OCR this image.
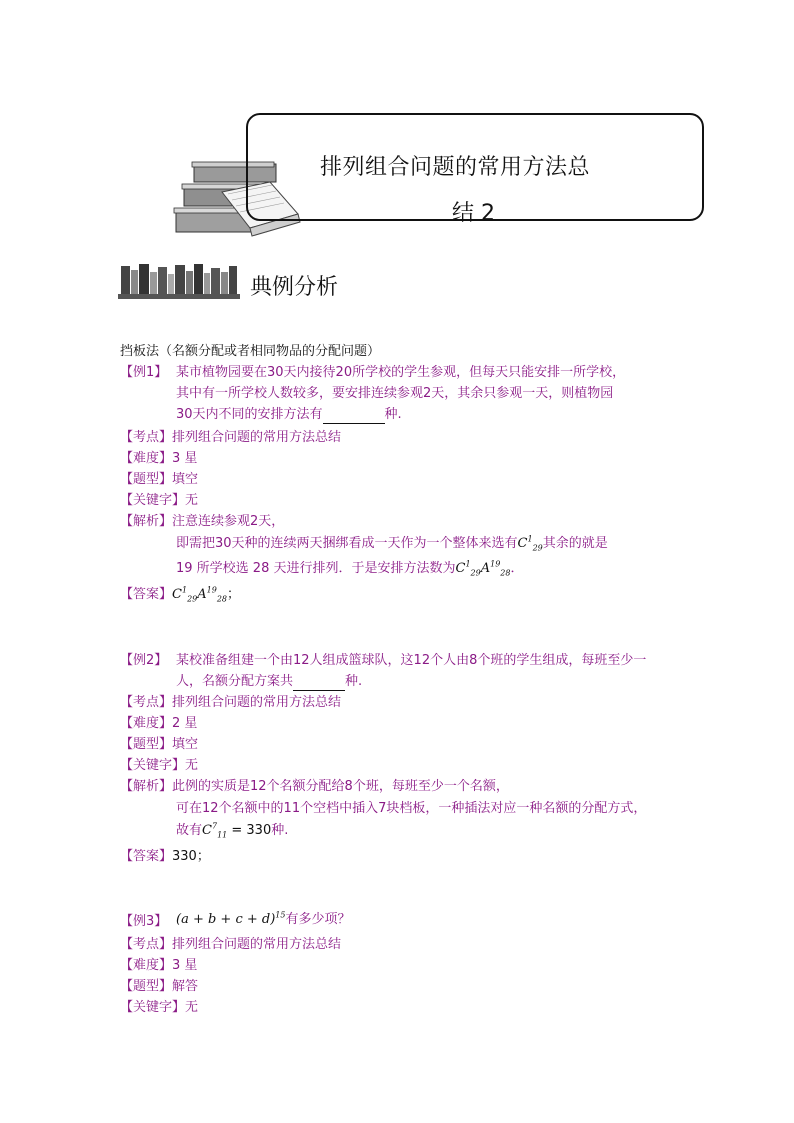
排列组合问题的常用方法总
结 2
典例分析
挡板法（名额分配或者相同物品的分配问题）
【例1】 某市植物园要在30天内接待20所学校的学生参观，但每天只能安排一所学校，
其中有一所学校人数较多，要安排连续参观2天，其余只参观一天，则植物园
30天内不同的安排方法有	种.
【考点】排列组合问题的常用方法总结
【难度】3 星
【题型】填空
【关键字】无
【解析】注意连续参观2天，
即需把30天种的连续两天捆绑看成一天作为一个整体来选有$C^1_{29}$其余的就是
19 所学校选 28 天进行排列．于是安排方法数为$C^1_{29}A^{19}_{28}$．
【答案】$C^1_{29}A^{19}_{28}$；
【例2】 某校准备组建一个由12人组成篮球队，这12个人由8个班的学生组成，每班至少一
人，名额分配方案共	种.
【考点】排列组合问题的常用方法总结
【难度】2 星
【题型】填空
【关键字】无
【解析】此例的实质是12个名额分配给8个班，每班至少一个名额，
可在12个名额中的11个空档中插入7块档板，一种插法对应一种名额的分配方式，
故有$C^7_{11} = 330$种.
【答案】330；
【例3】 $(a + b + c + d)^{15}$有多少项？
【考点】排列组合问题的常用方法总结
【难度】3 星
【题型】解答
【关键字】无
